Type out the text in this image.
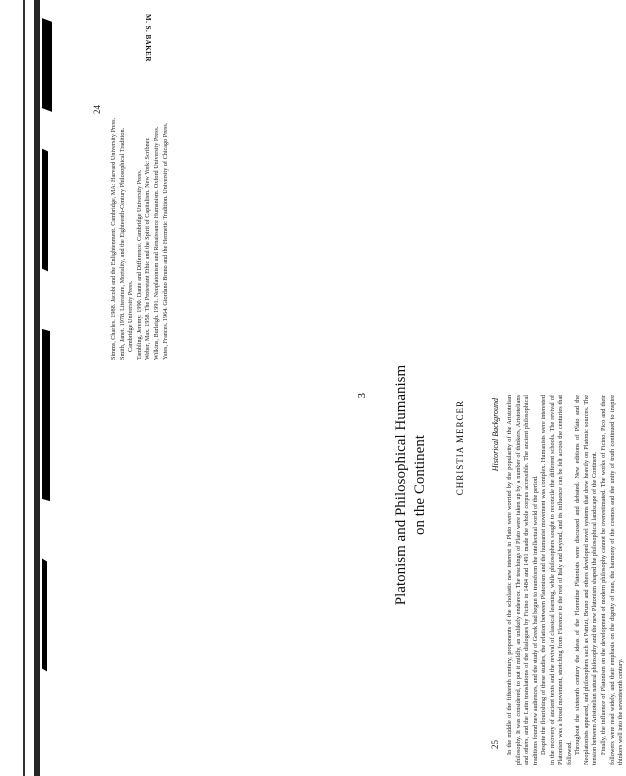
M. S. BAKER

Simms, Charles. 1988. Jacobi and the Enlightenment. Cambridge, MA: Harvard University Press. Smith, Janet. 1978. Literature, Mortality, and the Eighteenth-Century Philosophical Tradition. Cambridge University Press. Tambling, Jeremy. 1990. Dante and Difference. Cambridge University Press. Weber, Max. 1958. The Protestant Ethic and the Spirit of Capitalism. New York: Scribner. Wilkins, Burleigh. 1991. Neoplatonism and Renaissance Humanism. Oxford University Press. Yates, Frances. 1964. Giordano Bruno and the Hermetic Tradition. University of Chicago Press.

24
3 Platonism and Philosophical Humanism on the Continent	CHRISTIA MERCER	Historical Background In the middle of the fifteenth century, proponents of the scholastic new interest in Plato were worried by the popularity of the Aristotelian philosophy. It was considered, to put it mildly, an unlikely endeavor. The teachings of Plato were taken up by a number of thinkers, Aristotelians and others, and the Latin translations of the dialogues by Ficino in 1484 and 1491 made the whole corpus accessible. The ancient philosophical traditions found new audiences, and the study of Greek had begun to transform the intellectual world of the period. Despite the flourishing of these studies, the relation between Platonism and the humanist movement was complex. Humanists were interested in the recovery of ancient texts and the revival of classical learning, while philosophers sought to reconcile the different schools. The revival of Platonism was a broad movement, stretching from Florence to the rest of Italy and beyond, and its influence can be felt across the centuries that followed. Throughout the sixteenth century the ideas of the Florentine Platonists were discussed and debated. New editions of Plato and the Neoplatonists appeared, and philosophers such as Patrizi, Bruno and others developed novel systems that drew heavily on Platonic sources. The tension between Aristotelian natural philosophy and the new Platonism shaped the philosophical landscape of the Continent. Finally, the influence of Platonism on the development of modern philosophy cannot be overestimated. The works of Ficino, Pico and their followers were read widely, and their emphasis on the dignity of man, the harmony of the cosmos and the unity of truth continued to inspire thinkers well into the seventeenth century.

25
